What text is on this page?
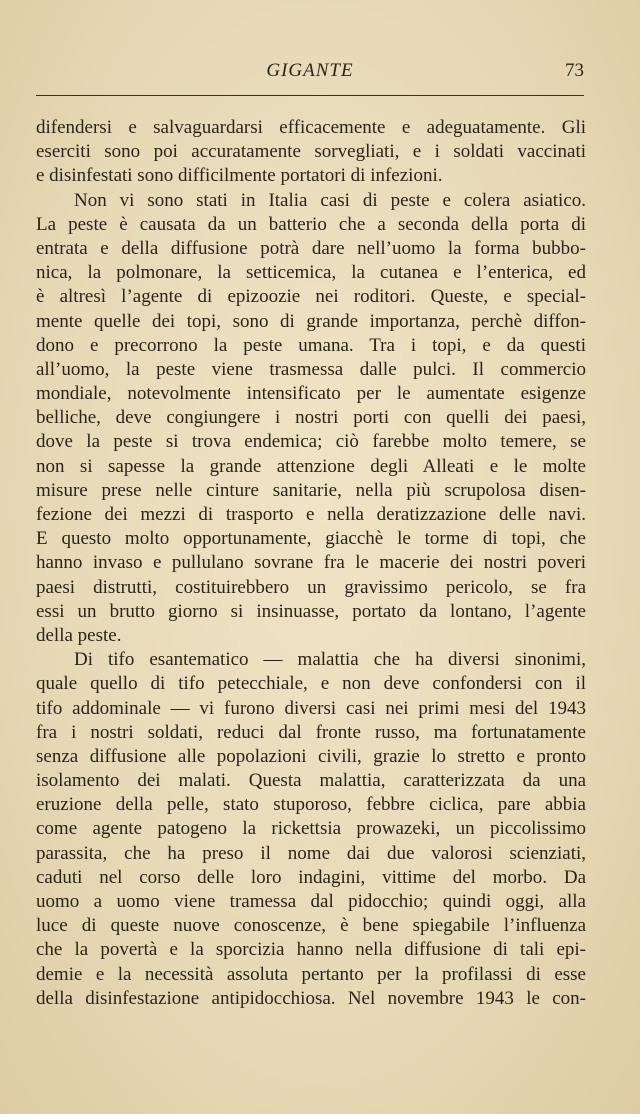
GIGANTE	73
difendersi e salvaguardarsi efficacemente e adeguatamente. Gli
eserciti sono poi accuratamente sorvegliati, e i soldati vaccinati
e disinfestati sono difficilmente portatori di infezioni.
Non vi sono stati in Italia casi di peste e colera asiatico.
La peste è causata da un batterio che a seconda della porta di
entrata e della diffusione potrà dare nell’uomo la forma bubbo-
nica, la polmonare, la setticemica, la cutanea e l’enterica, ed
è altresì l’agente di epizoozie nei roditori. Queste, e special-
mente quelle dei topi, sono di grande importanza, perchè diffon-
dono e precorrono la peste umana. Tra i topi, e da questi
all’uomo, la peste viene trasmessa dalle pulci. Il commercio
mondiale, notevolmente intensificato per le aumentate esigenze
belliche, deve congiungere i nostri porti con quelli dei paesi,
dove la peste si trova endemica; ciò farebbe molto temere, se
non si sapesse la grande attenzione degli Alleati e le molte
misure prese nelle cinture sanitarie, nella più scrupolosa disen-
fezione dei mezzi di trasporto e nella deratizzazione delle navi.
E questo molto opportunamente, giacchè le torme di topi, che
hanno invaso e pullulano sovrane fra le macerie dei nostri poveri
paesi distrutti, costituirebbero un gravissimo pericolo, se fra
essi un brutto giorno si insinuasse, portato da lontano, l’agente
della peste.
Di tifo esantematico — malattia che ha diversi sinonimi,
quale quello di tifo petecchiale, e non deve confondersi con il
tifo addominale — vi furono diversi casi nei primi mesi del 1943
fra i nostri soldati, reduci dal fronte russo, ma fortunatamente
senza diffusione alle popolazioni civili, grazie lo stretto e pronto
isolamento dei malati. Questa malattia, caratterizzata da una
eruzione della pelle, stato stuporoso, febbre ciclica, pare abbia
come agente patogeno la rickettsia prowazeki, un piccolissimo
parassita, che ha preso il nome dai due valorosi scienziati,
caduti nel corso delle loro indagini, vittime del morbo. Da
uomo a uomo viene tramessa dal pidocchio; quindi oggi, alla
luce di queste nuove conoscenze, è bene spiegabile l’influenza
che la povertà e la sporcizia hanno nella diffusione di tali epi-
demie e la necessità assoluta pertanto per la profilassi di esse
della disinfestazione antipidocchiosa. Nel novembre 1943 le con-
